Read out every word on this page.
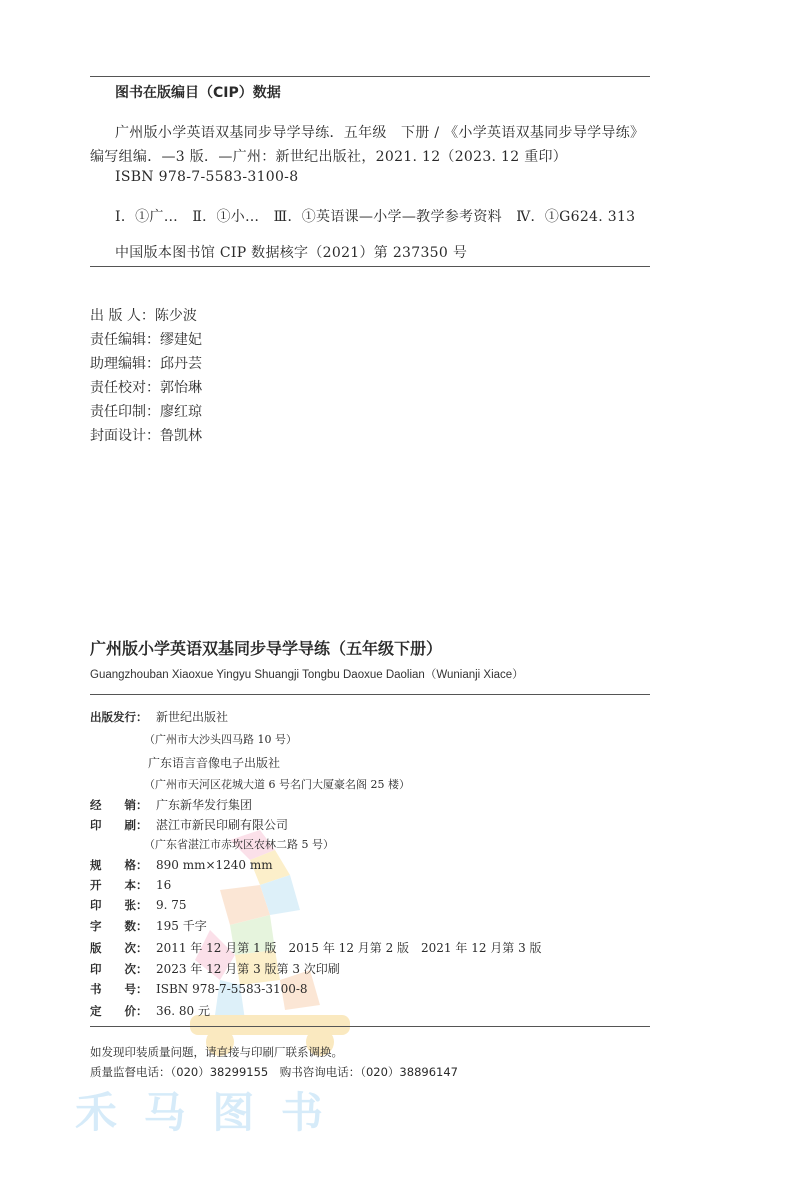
图书在版编目（CIP）数据
广州版小学英语双基同步导学导练．五年级　下册 / 《小学英语双基同步导学导练》
编写组编．—3 版．—广州：新世纪出版社，2021. 12（2023. 12 重印）
ISBN 978-7-5583-3100-8
Ⅰ．①广…　Ⅱ．①小…　Ⅲ．①英语课—小学—教学参考资料　Ⅳ．①G624. 313
中国版本图书馆 CIP 数据核字（2021）第 237350 号
出 版 人：陈少波
责任编辑：缪建妃
助理编辑：邱丹芸
责任校对：郭怡琳
责任印制：廖红琼
封面设计：鲁凯林
广州版小学英语双基同步导学导练（五年级下册）
Guangzhouban Xiaoxue Yingyu Shuangji Tongbu Daoxue Daolian（Wunianji Xiace）
出版发行： 新世纪出版社
（广州市大沙头四马路 10 号）
广东语言音像电子出版社
（广州市天河区花城大道 6 号名门大厦豪名阁 25 楼）
经　　销： 广东新华发行集团
印　　刷： 湛江市新民印刷有限公司
（广东省湛江市赤坎区农林二路 5 号）
规　　格： 890 mm×1240 mm
开　　本： 16
印　　张： 9. 75
字　　数： 195 千字
版　　次： 2011 年 12 月第 1 版　2015 年 12 月第 2 版　2021 年 12 月第 3 版
印　　次： 2023 年 12 月第 3 版第 3 次印刷
书　　号： ISBN 978-7-5583-3100-8
定　　价： 36. 80 元
如发现印装质量问题，请直接与印刷厂联系调换。
质量监督电话：（020）38299155　购书咨询电话：（020）38896147
禾 马 图 书
